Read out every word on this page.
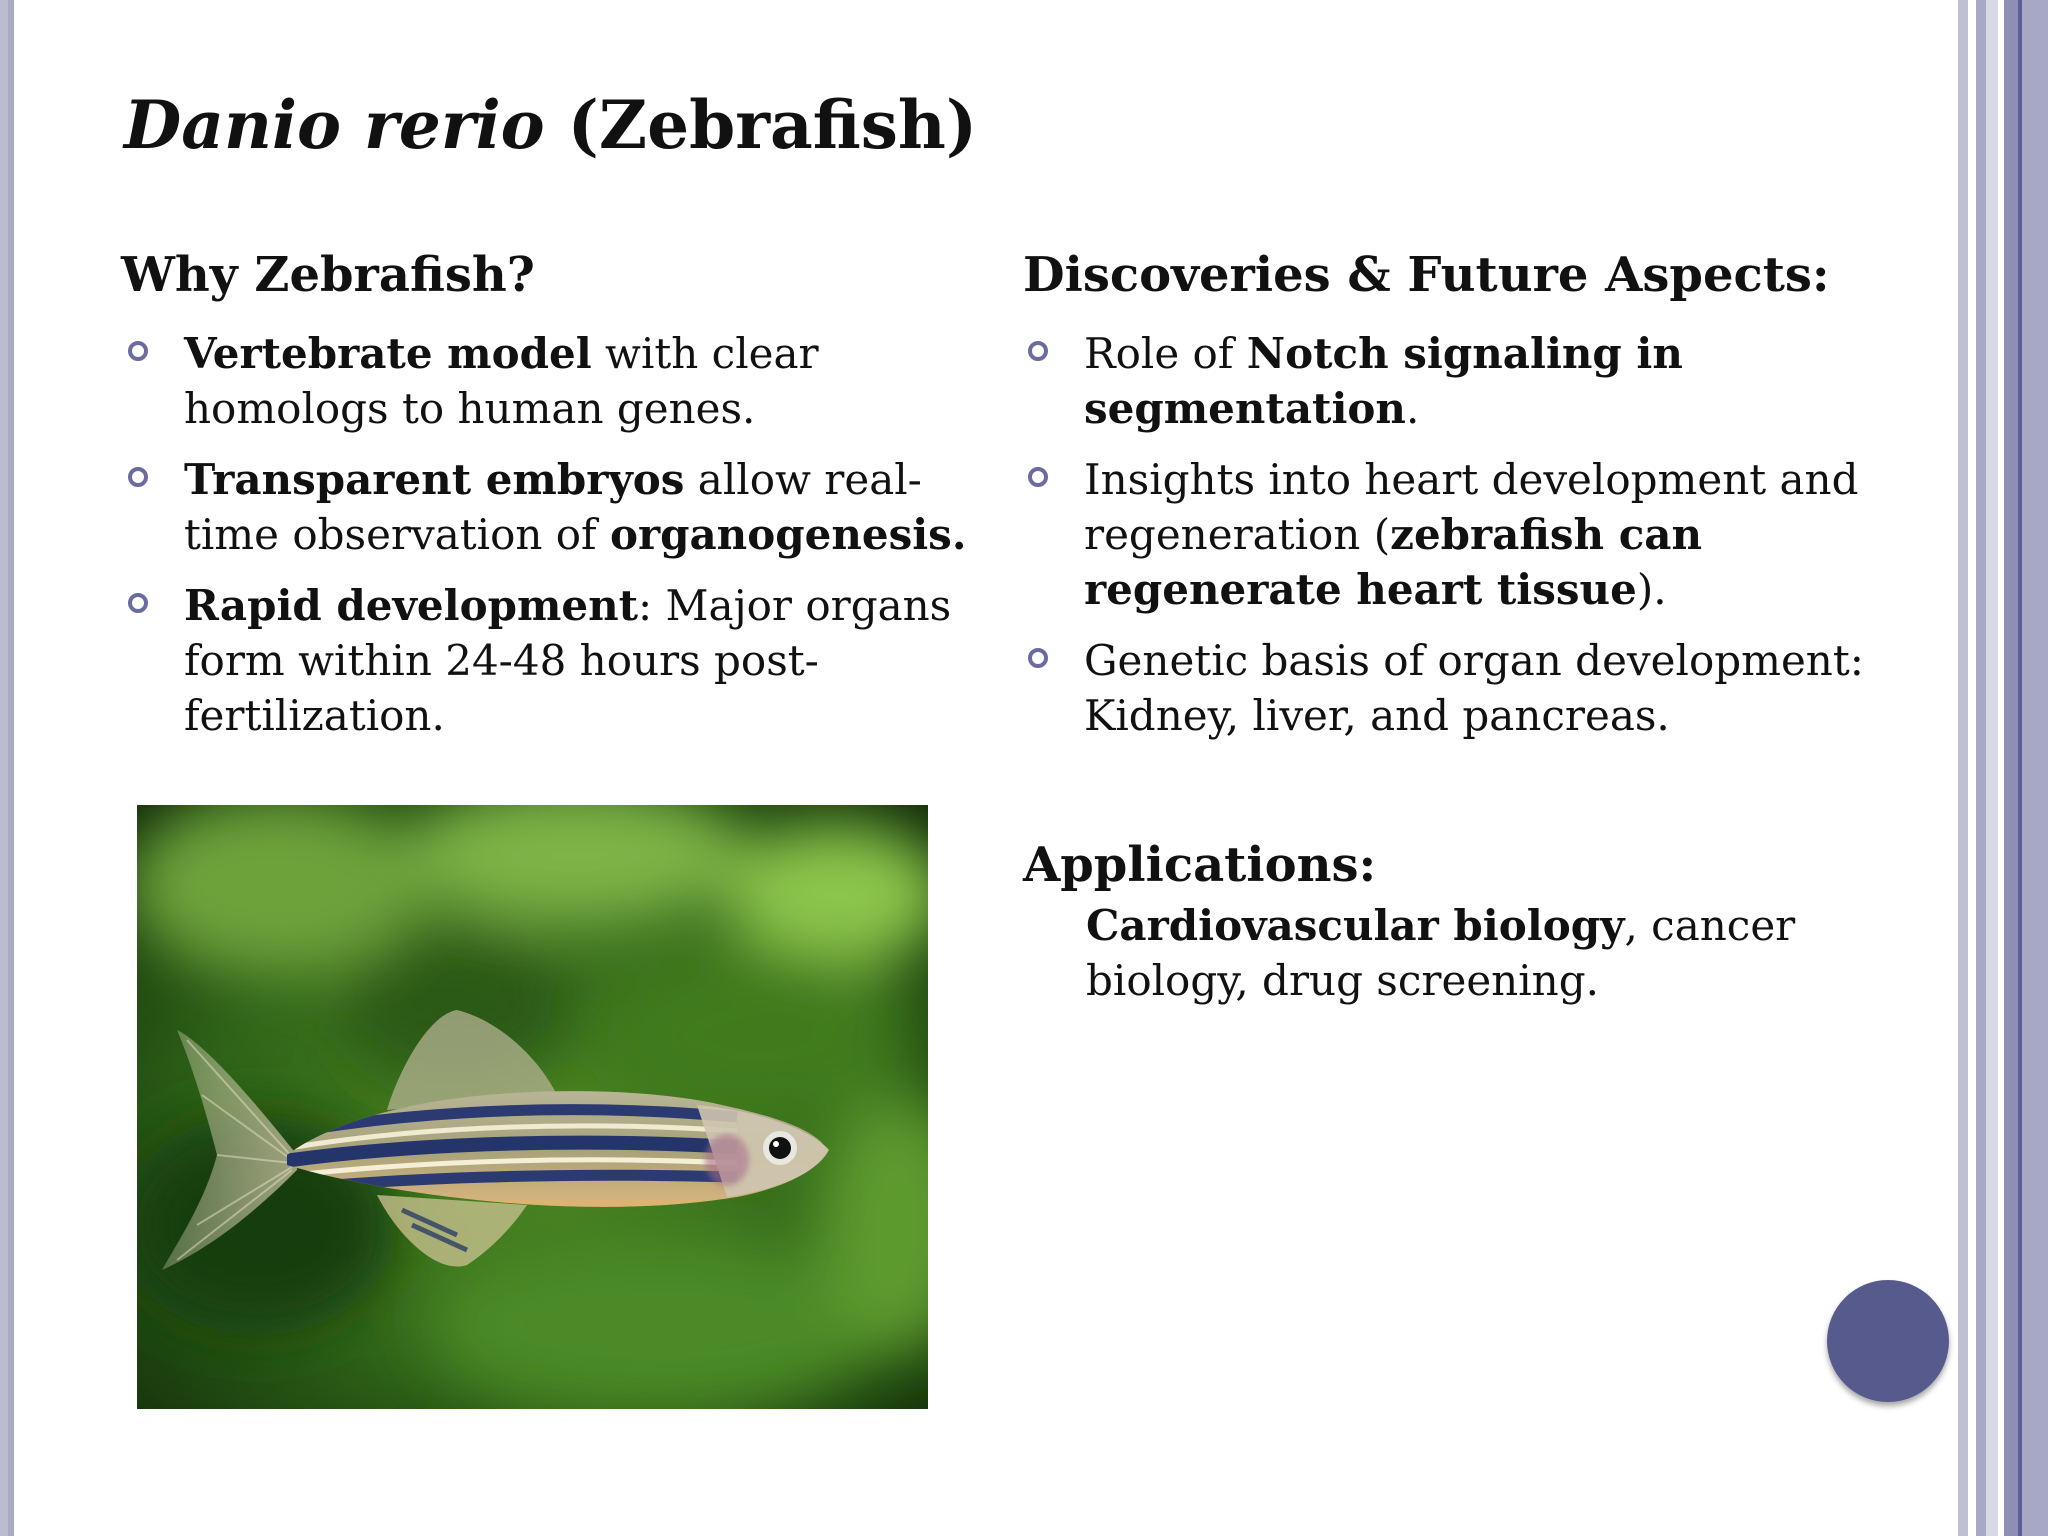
Danio rerio (Zebrafish)
Why Zebrafish?
Vertebrate model with clear homologs to human genes.
Transparent embryos allow real-time observation of organogenesis.
Rapid development: Major organs form within 24-48 hours post-fertilization.
Discoveries & Future Aspects:
Role of Notch signaling in segmentation.
Insights into heart development and regeneration (zebrafish can regenerate heart tissue).
Genetic basis of organ development: Kidney, liver, and pancreas.
Applications:

Cardiovascular biology, cancer biology, drug screening.
